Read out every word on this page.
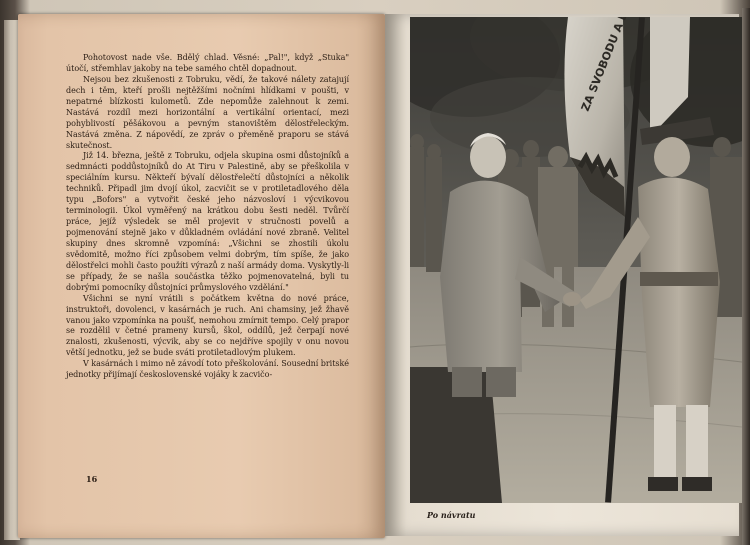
Pohotovost nade vše. Bdělý chlad. Věsné: „Pal!", když „Stuka" útočí, střemhlav jakoby na tebe samého chtěl dopadnout.

Nejsou bez zkušenosti z Tobruku, vědí, že takové nálety zatajují dech i těm, kteří prošli nejtěžšími nočními hlídkami v poušti, v nepatrné blízkosti kulometů. Zde nepomůže zalehnout k zemi. Nastává rozdíl mezi horizontální a vertikální orientací, mezi pohyblivostí pěšákovou a pevným stanovištěm dělostřeleckým. Nastává změna. Z nápovědí, ze zpráv o přeměně praporu se stává skutečnost.

Již 14. března, ještě z Tobruku, odjela skupina osmi důstojníků a sedmnácti poddůstojníků do At Tiru v Palestině, aby se přeškolila v speciálním kursu. Někteří bývalí dělostřelečtí důstojníci a několik techniků. Připadl jim dvojí úkol, zacvičit se v protiletadlového děla typu „Bofors" a vytvořit české jeho názvosloví i výcvikovou terminologii. Úkol vyměřený na krátkou dobu šesti neděl. Tvůrčí práce, jejíž výsledek se měl projevit v stručnosti povelů a pojmenování stejně jako v důkladném ovládání nové zbraně. Velitel skupiny dnes skromně vzpomíná: „Všichni se zhostili úkolu svědomitě, možno říci způsobem velmi dobrým, tím spíše, že jako dělostřelci mohli často použíti výrazů z naší armády doma. Vyskytly-li se případy, že se našla součástka těžko pojmenovatelná, byli tu dobrými pomocníky důstojníci průmyslového vzdělání."

Všichni se nyní vrátili s počátkem května do nové práce, instruktoři, dovolenci, v kasárnách je ruch. Ani chamsiny, jež žhavě vanou jako vzpomínka na poušť, nemohou zmírnit tempo. Celý prapor se rozdělil v četné prameny kursů, škol, oddílů, jež čerpají nové znalosti, zkušenosti, výcvik, aby se co nejdříve spojily v onu novou větší jednotku, jež se bude sváti protiletadlovým plukem.

V kasárnách i mimo ně závodí toto přeškolování. Sousední britské jednotky přijímají československé vojáky k zacvičo-

16
ZA SVOBODU A
Po návratu
